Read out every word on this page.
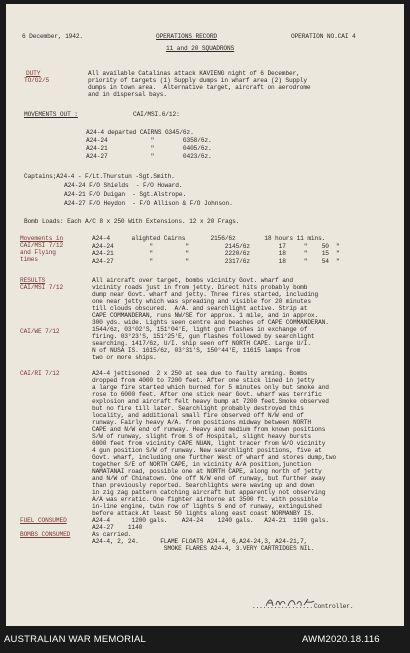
6 December, 1942.	OPERATIONS RECORD	OPERATION NO.CAI 4
11 and 20 SQUADRONS
DUTY
TO/G2/5
All available Catalinas attack KAVIENG night of 6 December,
priority of targets (1) Supply dumps in wharf area (2) Supply
dumps in town area.  Alternative target, aircraft on aerodrome
and in dispersal bays.
MOVEMENTS OUT :	CAI/MSI.6/12:
A24-4 departed CAIRNS G345/6z.
A24-24            "        G358/6z.
A24-21            "        0405/6z.
A24-27            "        0423/6z.
Captains;A24-4 - F/Lt.Thurstun -Sgt.Smith.
A24-24 F/O Shields  - F/O Howard.
A24-21 F/O Duigan  - Sgt.Alstrope.
A24-27 F/O Heydon  - F/O Allison & F/O Johnson.
Bomb Loads: Each A/C 8 x 250 With Extensions. 12 x 20 Frags.
Movements in
CAI/MSI 7/12
and Flying
times
A24-4      alighted Cairns       2156/6z        18 hours 11 mins.
A24-24          "         "          2145/6z        17     "    50  "
A24-21          "         "          2220/6z        18     "    15  "
A24-27          "         "          2317/6z        18     "    54  "
RESULTS
CAI/MSI 7/12
CAI/WE 7/12
CAI/RI 7/12
All aircraft over target, bombs vicinity Govt. wharf and
vicinity roads just in from jetty. Direct hits probably bomb
dump near Govt. wharf and jetty. Three fires started, including
one near jetty which was spreading and visible for 20 minutes
till clouds obscured.  A/A. and searchlight active. Strip at
CAPE COMMANDERAN, runs NW/SE for approx. 1 mile, and in approx.
300 yds. wide. Lights seen centre and beaches of CAPE COMMANDERAN.
1544/6z, 03°02'S, 151°04'E, light gun flashes in exchange of
firing. 03°23'S, 151°25'E, gun flashes followed by searchlight
searching. 1417/6z, U/I. ship seen off NORTH CAPE. Large U/I.
N of NUSA IS. 1615/6z, 03°31'S, 150°44'E, 11615 lamps from
two or more ships.
A24-4 jettisoned  2 x 250 at sea due to faulty arming. Bombs
dropped from 4000 to 7200 feet. After one stick lined in jetty
a large fire started which burned for 5 minutes only but smoke and
rose to 6000 feet. After one stick near Govt. wharf was terrific
explosion and aircraft felt heavy bump at 7200 feet.Smoke observed
but no fire till later. Searchlight probably destroyed this
locality, and additional small fire observed off N/W end of
runway. Fairly heavy A/A. from positions midway between NORTH
CAPE and N/W end of runway. Heavy and medium from known positions
S/W of runway, slight from S of Hospital, slight heavy bursts
6000 feet from vicinity CAPE NUAN, light tracer from W/O vicinity
4 gun position S/W of runway. New searchlight positions, five at
Govt. wharf, including one further West of wharf and stores dump,two
together S/E of NORTH CAPE, in vicinity A/A position,junction
NAMATANAI road, possible one at NORTH CAPE, along north of jetty
and N/W of Chinatown. One off N/W end of runway, but further away
than previously reported. Searchlights were waving up and down
in zig zag pattern catching aircraft but apparently not observing
A/A was erratic. One fighter airborne at 3500 ft. with possible
in-line engine, twin row of lights S end of runway, extinguished
before attack.At least 50 lights along east coast NORMANBY IS.
FUEL CONSUMED	A24-4      1200 gals.    A24-24    1240 gals.   A24-21  1190 gals.
A24-27    1140
BOMBS CONSUMED	As carried.
A24-4, 2, 24.      FLAME FLOATS A24-4, 6,A24-24,3, A24-21,7,
SMOKE FLARES A24-4, 3.VERY CARTRIDGES NIL.
................. Controller.
AUSTRALIAN WAR MEMORIAL	AWM2020.18.116
